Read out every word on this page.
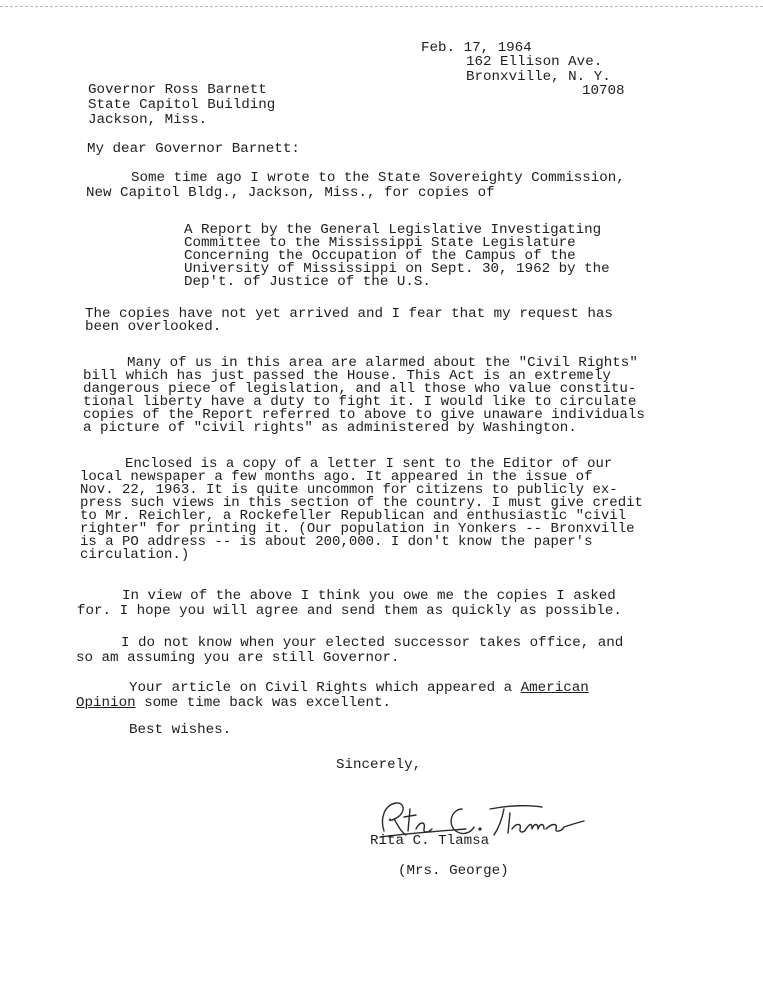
Feb. 17, 1964
162 Ellison Ave.
Bronxville, N. Y.
10708
Governor Ross Barnett
State Capitol Building
Jackson, Miss.
My dear Governor Barnett:
Some time ago I wrote to the State Sovereighty Commission,
New Capitol Bldg., Jackson, Miss., for copies of
A Report by the General Legislative Investigating
Committee to the Mississippi State Legislature
Concerning the Occupation of the Campus of the
University of Mississippi on Sept. 30, 1962 by the
Dep't. of Justice of the U.S.
The copies have not yet arrived and I fear that my request has
been overlooked.
Many of us in this area are alarmed about the "Civil Rights"
bill which has just passed the House. This Act is an extremely
dangerous piece of legislation, and all those who value constitu-
tional liberty have a duty to fight it. I would like to circulate
copies of the Report referred to above to give unaware individuals
a picture of "civil rights" as administered by Washington.
Enclosed is a copy of a letter I sent to the Editor of our
local newspaper a few months ago. It appeared in the issue of
Nov. 22, 1963. It is quite uncommon for citizens to publicly ex-
press such views in this section of the country. I must give credit
to Mr. Reichler, a Rockefeller Republican and enthusiastic "civil
righter" for printing it. (Our population in Yonkers -- Bronxville
is a PO address -- is about 200,000. I don't know the paper's
circulation.)
In view of the above I think you owe me the copies I asked
for. I hope you will agree and send them as quickly as possible.
I do not know when your elected successor takes office, and
so am assuming you are still Governor.
Your article on Civil Rights which appeared a American
Opinion some time back was excellent.
Best wishes.
Sincerely,
Rita C. Tlamsa
(Mrs. George)
